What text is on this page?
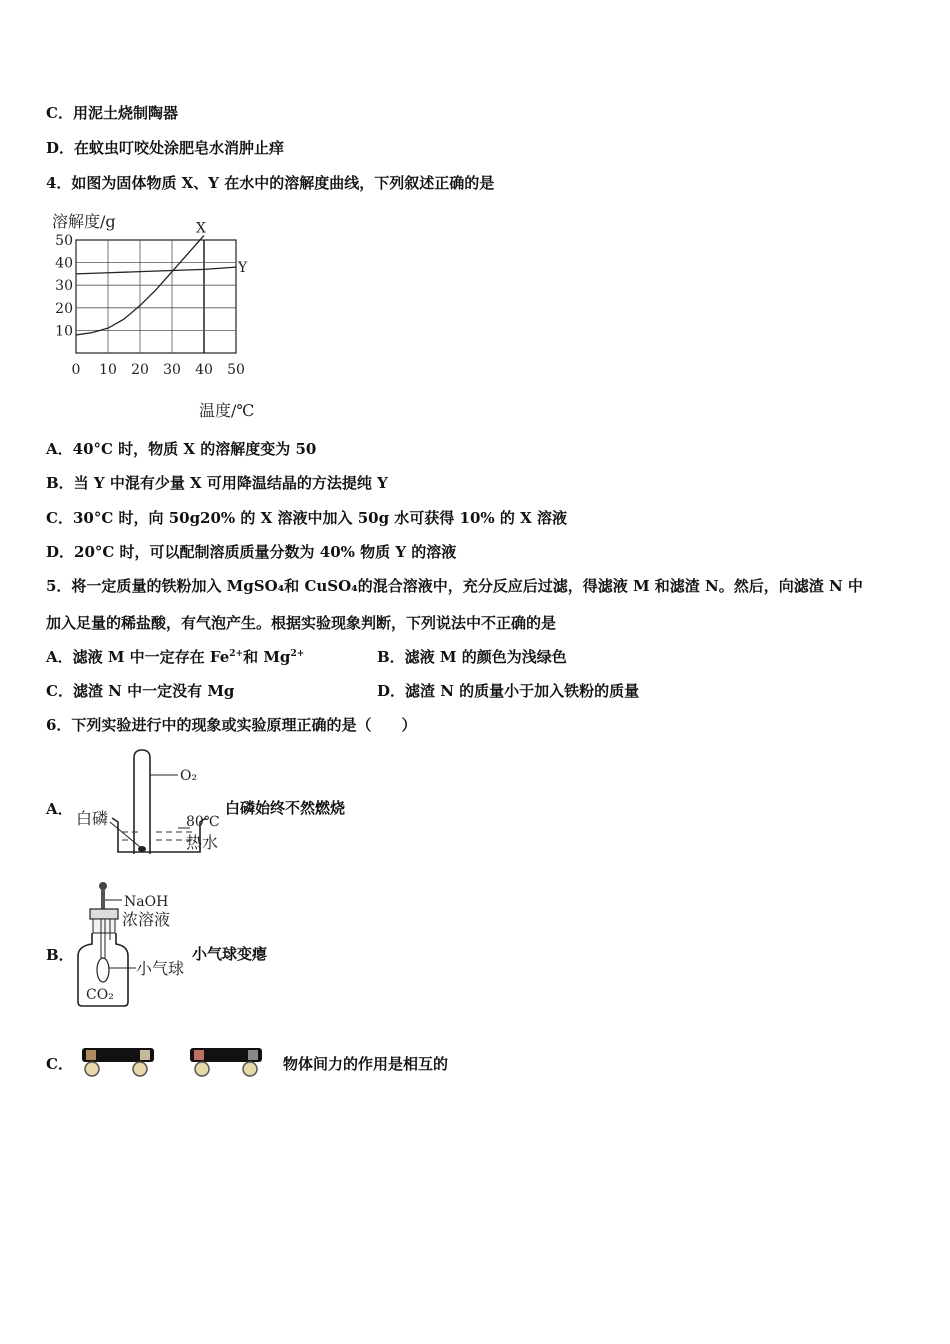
C．用泥土烧制陶器
D．在蚊虫叮咬处涂肥皂水消肿止痒
4．如图为固体物质 X、Y 在水中的溶解度曲线，下列叙述正确的是
溶解度/g
温度/℃
0 10 20 30 40 50
10
20
30
40
50
X
Y
A．40°C 时，物质 X 的溶解度变为 50
B．当 Y 中混有少量 X 可用降温结晶的方法提纯 Y
C．30°C 时，向 50g20% 的 X 溶液中加入 50g 水可获得 10% 的 X 溶液
D．20°C 时，可以配制溶质质量分数为 40% 物质 Y 的溶液
5．将一定质量的铁粉加入 MgSO₄和 CuSO₄的混合溶液中，充分反应后过滤，得滤液 M 和滤渣 N。然后，向滤渣 N 中
加入足量的稀盐酸，有气泡产生。根据实验现象判断，下列说法中不正确的是
A．滤液 M 中一定存在 $Fe^{2+}$和 $Mg^{2+}$	B．滤液 M 的颜色为浅绿色
C．滤渣 N 中一定没有 Mg	D．滤渣 N 的质量小于加入铁粉的质量
6．下列实验进行中的现象或实验原理正确的是（　　）
A．
O₂
白磷	80℃
热水
白磷始终不然燃烧
B．
NaOH
浓溶液
小气球
CO₂
小气球变瘪
C．	物体间力的作用是相互的
